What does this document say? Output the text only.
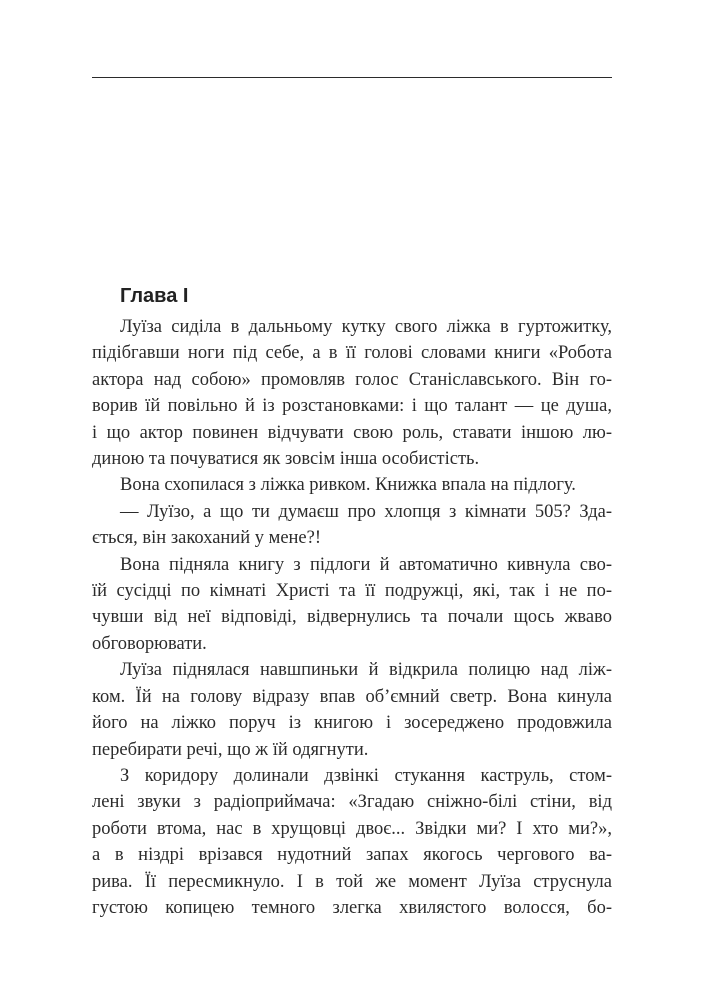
Глава І

Луїза сиділа в дальньому кутку свого ліжка в гуртожитку,
підібгавши ноги під себе, а в її голові словами книги «Робота
актора над собою» промовляв голос Станіславського. Він го-
ворив їй повільно й із розстановками: і що талант — це душа,
і що актор повинен відчувати свою роль, ставати іншою лю-
диною та почуватися як зовсім інша особистість.

Вона схопилася з ліжка ривком. Книжка впала на підлогу.

— Луїзо, а що ти думаєш про хлопця з кімнати 505? Зда-
ється, він закоханий у мене?!

Вона підняла книгу з підлоги й автоматично кивнула сво-
їй сусідці по кімнаті Христі та її подружці, які, так і не по-
чувши від неї відповіді, відвернулись та почали щось жваво
обговорювати.

Луїза піднялася навшпиньки й відкрила полицю над ліж-
ком. Їй на голову відразу впав об’ємний светр. Вона кинула
його на ліжко поруч із книгою і зосереджено продовжила
перебирати речі, що ж їй одягнути.

З коридору долинали дзвінкі стукання каструль, стом-
лені звуки з радіоприймача: «Згадаю сніжно-білі стіни, від
роботи втома, нас в хрущовці двоє... Звідки ми? І хто ми?»,
а в ніздрі врізався нудотний запах якогось чергового ва-
рива. Її пересмикнуло. І в той же момент Луїза струснула
густою копицею темного злегка хвилястого волосся, бо-
